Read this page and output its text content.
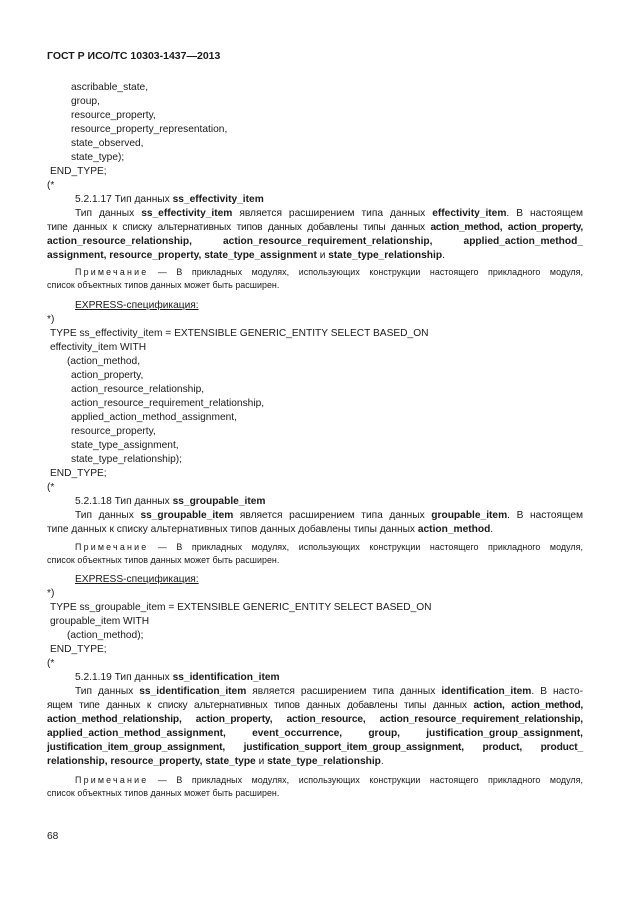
ГОСТ Р ИСО/ТС 10303-1437—2013
ascribable_state,
group,
resource_property,
resource_property_representation,
state_observed,
state_type);
END_TYPE;
(*
5.2.1.17 Тип данных ss_effectivity_item
Тип данных ss_effectivity_item является расширением типа данных effectivity_item. В настоящем
типе данных к списку альтернативных типов данных добавлены типы данных action_method, action_property,
action_resource_relationship, action_resource_requirement_relationship, applied_action_method_
assignment, resource_property, state_type_assignment и state_type_relationship.
Примечание — В прикладных модулях, использующих конструкции настоящего прикладного модуля,
список объектных типов данных может быть расширен.
EXPRESS-спецификация:
*)
TYPE ss_effectivity_item = EXTENSIBLE GENERIC_ENTITY SELECT BASED_ON
effectivity_item WITH
(action_method,
action_property,
action_resource_relationship,
action_resource_requirement_relationship,
applied_action_method_assignment,
resource_property,
state_type_assignment,
state_type_relationship);
END_TYPE;
(*
5.2.1.18 Тип данных ss_groupable_item
Тип данных ss_groupable_item является расширением типа данных groupable_item. В настоящем
типе данных к списку альтернативных типов данных добавлены типы данных action_method.
Примечание — В прикладных модулях, использующих конструкции настоящего прикладного модуля,
список объектных типов данных может быть расширен.
EXPRESS-спецификация:
*)
TYPE ss_groupable_item = EXTENSIBLE GENERIC_ENTITY SELECT BASED_ON
groupable_item WITH
(action_method);
END_TYPE;
(*
5.2.1.19 Тип данных ss_identification_item
Тип данных ss_identification_item является расширением типа данных identification_item. В насто-
ящем типе данных к списку альтернативных типов данных добавлены типы данных action, action_method,
action_method_relationship, action_property, action_resource, action_resource_requirement_relationship,
applied_action_method_assignment, event_occurrence, group, justification_group_assignment,
justification_item_group_assignment, justification_support_item_group_assignment, product, product_
relationship, resource_property, state_type и state_type_relationship.
Примечание — В прикладных модулях, использующих конструкции настоящего прикладного модуля,
список объектных типов данных может быть расширен.
68
